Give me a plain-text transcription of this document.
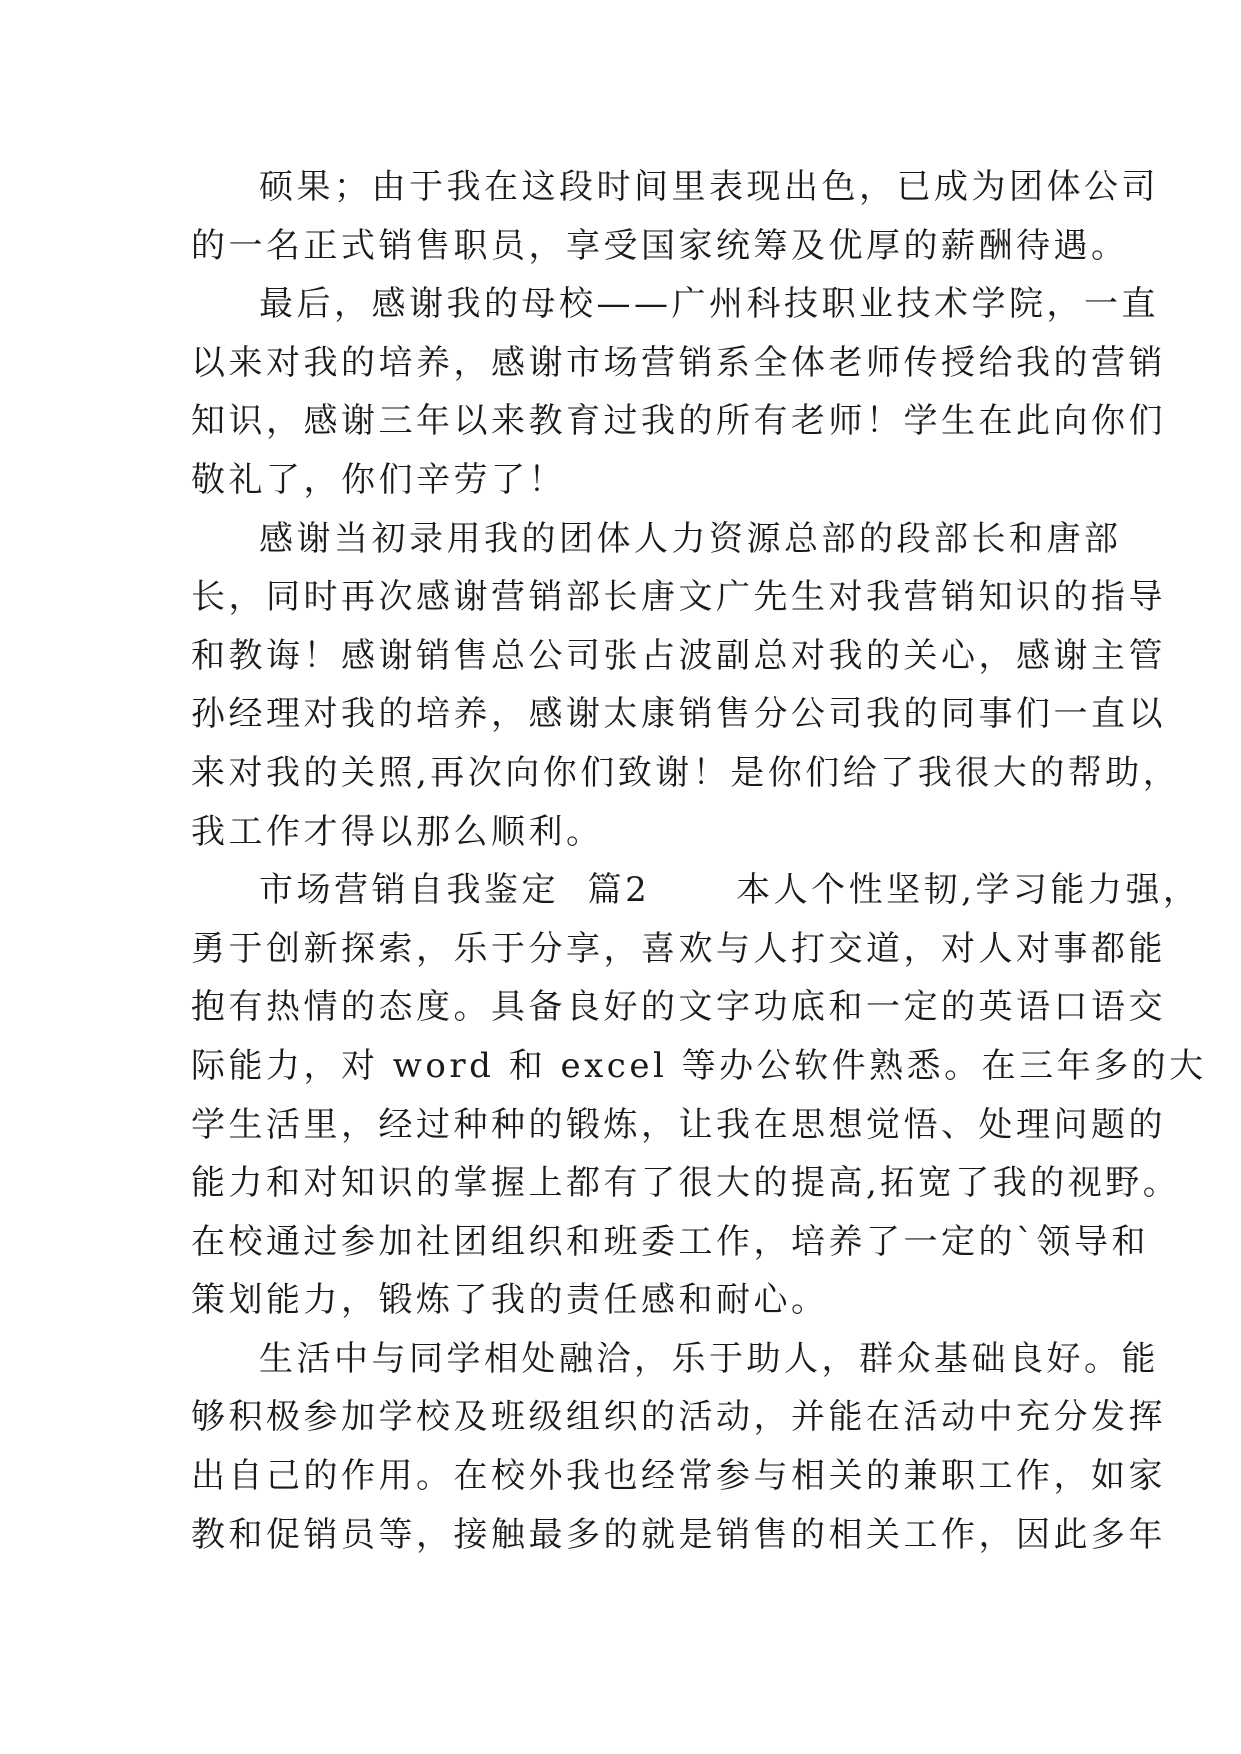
硕果；由于我在这段时间里表现出色，已成为团体公司
的一名正式销售职员，享受国家统筹及优厚的薪酬待遇。
最后，感谢我的母校——广州科技职业技术学院，一直
以来对我的培养，感谢市场营销系全体老师传授给我的营销
知识，感谢三年以来教育过我的所有老师！学生在此向你们
敬礼了，你们辛劳了！
感谢当初录用我的团体人力资源总部的段部长和唐部
长，同时再次感谢营销部长唐文广先生对我营销知识的指导
和教诲！感谢销售总公司张占波副总对我的关心，感谢主管
孙经理对我的培养，感谢太康销售分公司我的同事们一直以
来对我的关照,再次向你们致谢！是你们给了我很大的帮助，
我工作才得以那么顺利。
市场营销自我鉴定  篇2      本人个性坚韧,学习能力强，
勇于创新探索，乐于分享，喜欢与人打交道，对人对事都能
抱有热情的态度。具备良好的文字功底和一定的英语口语交
际能力，对 word 和 excel 等办公软件熟悉。在三年多的大
学生活里，经过种种的锻炼，让我在思想觉悟、处理问题的
能力和对知识的掌握上都有了很大的提高,拓宽了我的视野。
在校通过参加社团组织和班委工作，培养了一定的`领导和
策划能力，锻炼了我的责任感和耐心。
生活中与同学相处融洽，乐于助人，群众基础良好。能
够积极参加学校及班级组织的活动，并能在活动中充分发挥
出自己的作用。在校外我也经常参与相关的兼职工作，如家
教和促销员等，接触最多的就是销售的相关工作，因此多年
